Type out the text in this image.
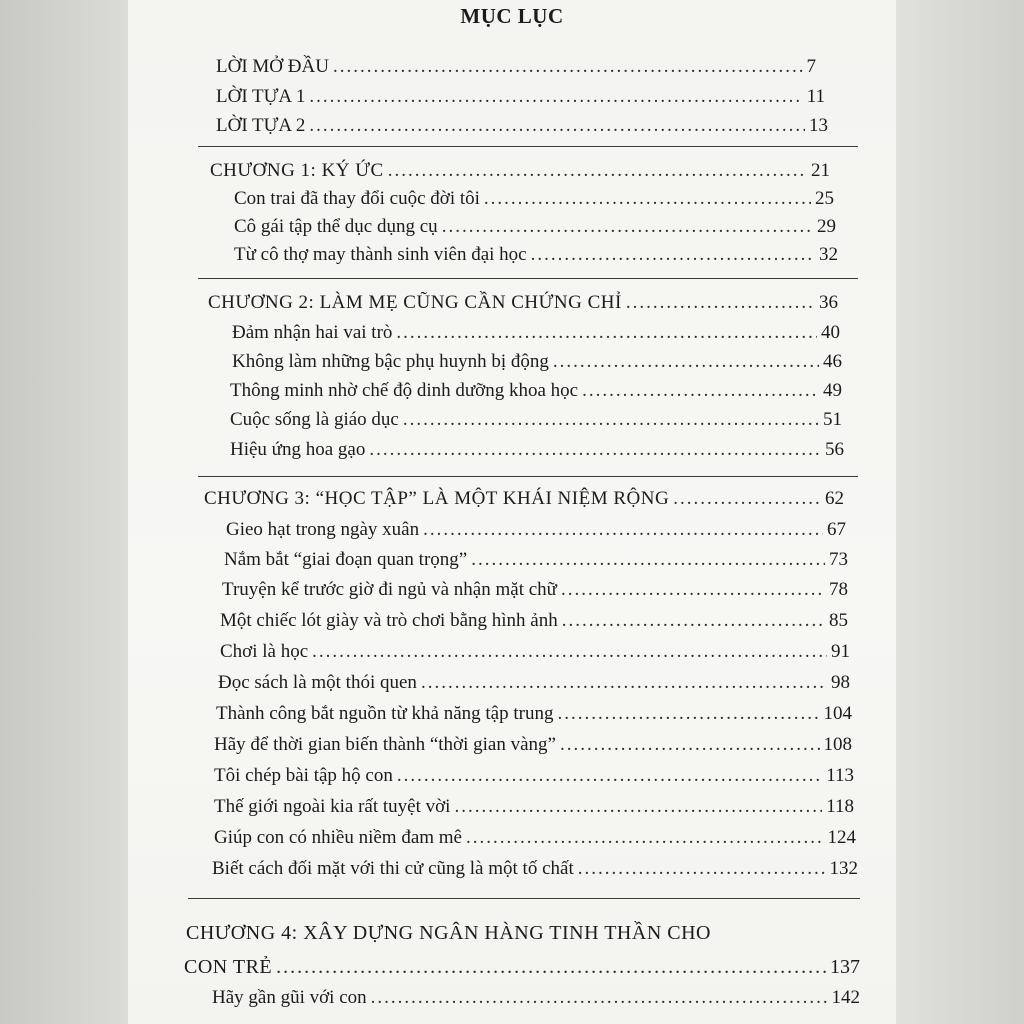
MỤC LỤC
LỜI MỞ ĐẦU .....	7
LỜI TỰA 1 .....	11
LỜI TỰA 2 .....	13
CHƯƠNG 1: KÝ ỨC .....	21
Con trai đã thay đổi cuộc đời tôi .....	25
Cô gái tập thể dục dụng cụ .....	29
Từ cô thợ may thành sinh viên đại học .....	32
CHƯƠNG 2: LÀM MẸ CŨNG CẦN CHỨNG CHỈ .....	36
Đảm nhận hai vai trò .....	40
Không làm những bậc phụ huynh bị động .....	46
Thông minh nhờ chế độ dinh dưỡng khoa học .....	49
Cuộc sống là giáo dục .....	51
Hiệu ứng hoa gạo .....	56
CHƯƠNG 3: “HỌC TẬP” LÀ MỘT KHÁI NIỆM RỘNG .....	62
Gieo hạt trong ngày xuân .....	67
Nắm bắt “giai đoạn quan trọng” .....	73
Truyện kể trước giờ đi ngủ và nhận mặt chữ .....	78
Một chiếc lót giày và trò chơi bằng hình ảnh .....	85
Chơi là học .....	91
Đọc sách là một thói quen .....	98
Thành công bắt nguồn từ khả năng tập trung .....	104
Hãy để thời gian biến thành “thời gian vàng” .....	108
Tôi chép bài tập hộ con .....	113
Thế giới ngoài kia rất tuyệt vời .....	118
Giúp con có nhiều niềm đam mê .....	124
Biết cách đối mặt với thi cử cũng là một tố chất .....	132
CHƯƠNG 4: XÂY DỰNG NGÂN HÀNG TINH THẦN CHO
CON TRẺ .....	137
Hãy gần gũi với con .....	142
